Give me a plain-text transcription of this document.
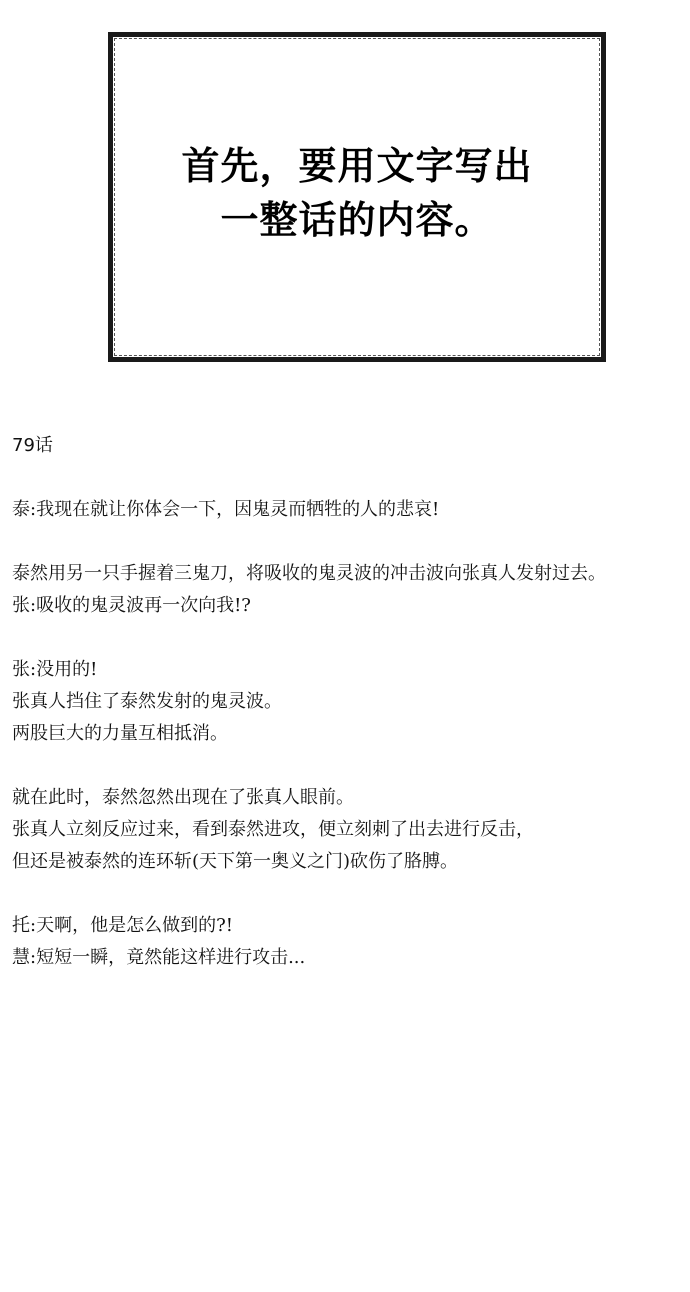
首先，要用文字写出
一整话的内容。
79话
泰:我现在就让你体会一下，因鬼灵而牺牲的人的悲哀!
泰然用另一只手握着三鬼刀，将吸收的鬼灵波的冲击波向张真人发射过去。
张:吸收的鬼灵波再一次向我!?
张:没用的!
张真人挡住了泰然发射的鬼灵波。
两股巨大的力量互相抵消。
就在此时，泰然忽然出现在了张真人眼前。
张真人立刻反应过来，看到泰然进攻，便立刻刺了出去进行反击，
但还是被泰然的连环斩(天下第一奥义之门)砍伤了胳膊。
托:天啊，他是怎么做到的?!
慧:短短一瞬，竟然能这样进行攻击...
